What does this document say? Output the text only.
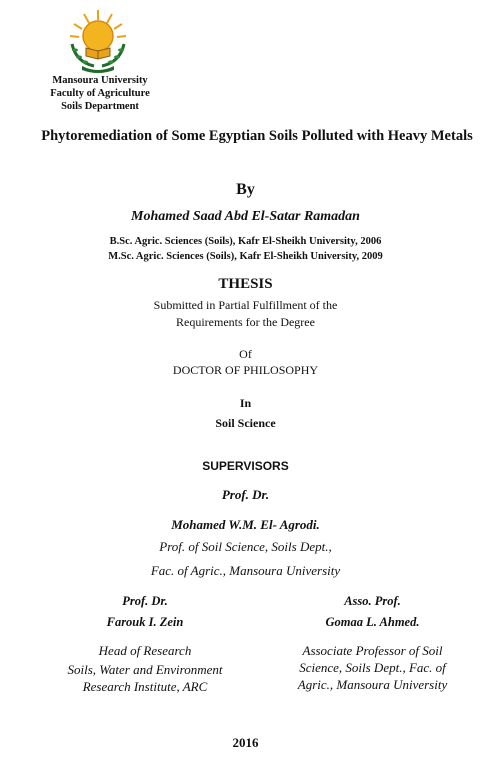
Mansoura University
Faculty of Agriculture
Soils Department
Phytoremediation of Some Egyptian Soils Polluted with Heavy Metals
By
Mohamed Saad Abd El-Satar Ramadan
B.Sc. Agric. Sciences (Soils), Kafr El-Sheikh University, 2006
M.Sc. Agric. Sciences (Soils), Kafr El-Sheikh University, 2009
THESIS
Submitted in Partial Fulfillment of the
Requirements for the Degree
Of
DOCTOR OF PHILOSOPHY
In
Soil Science
SUPERVISORS
Prof. Dr.
Mohamed W.M. El- Agrodi.
Prof. of Soil Science, Soils Dept.,
Fac. of Agric., Mansoura University
Prof. Dr.
Farouk I. Zein
Head of Research
Soils, Water and Environment
Research Institute, ARC
Asso. Prof.
Gomaa L. Ahmed.
Associate Professor of Soil
Science, Soils Dept., Fac. of
Agric., Mansoura University
2016
